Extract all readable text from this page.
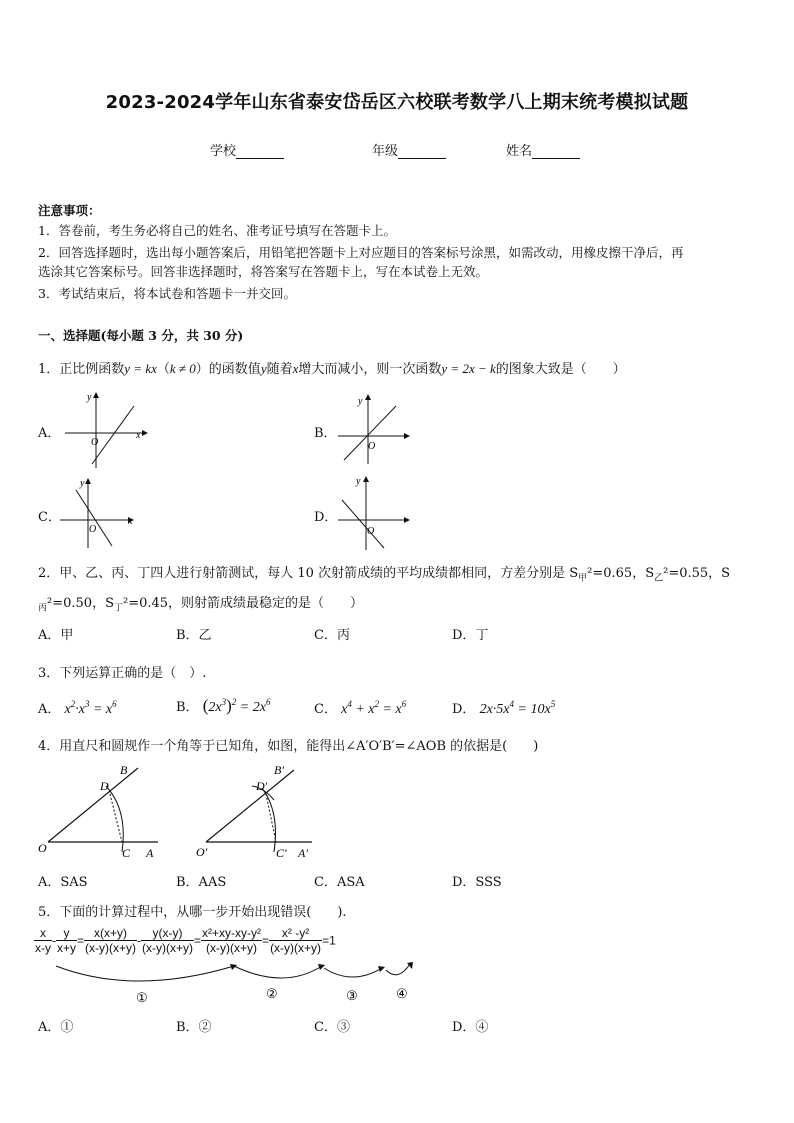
2023-2024学年山东省泰安岱岳区六校联考数学八上期末统考模拟试题
学校	年级	姓名
注意事项：
1．答卷前，考生务必将自己的姓名、准考证号填写在答题卡上。
2．回答选择题时，选出每小题答案后，用铅笔把答题卡上对应题目的答案标号涂黑，如需改动，用橡皮擦干净后，再
选涂其它答案标号。回答非选择题时，将答案写在答题卡上，写在本试卷上无效。
3．考试结束后，将本试卷和答题卡一并交回。
一、选择题(每小题 3 分，共 30 分)
1．正比例函数y = kx（k ≠ 0）的函数值y随着x增大而减小，则一次函数y = 2x − k的图象大致是（　　）
A．
y
x
O
B．
y
O
C．
y
x
O
D．
y
O
2．甲、乙、丙、丁四人进行射箭测试，每人 10 次射箭成绩的平均成绩都相同，方差分别是 $S_甲^2=0.65$，$S_乙^2=0.55$，S
$_丙$²=0.50，$S_丁^2=0.45$，则射箭成绩最稳定的是（　　）
A．甲	B．乙	C．丙	D．丁
3．下列运算正确的是（　）.
A． $x^2\cdot x^3 = x^6$	B． $(2x^3)^2 = 2x^6$	C． $x^4 + x^2 = x^6$	D． $2x\cdot 5x^4 = 10x^5$
4．用直尺和圆规作一个角等于已知角，如图，能得出∠A′O′B′=∠AOB 的依据是(　　)
B
D
O	C A
B′
D′
O′	C′ A′
A．SAS	B．AAS	C．ASA	D．SSS
5．下面的计算过程中，从哪一步开始出现错误(　　).
$\frac{x}{x-y} - \frac{y}{x+y} = \frac{x(x+y)}{(x-y)(x+y)} - \frac{y(x-y)}{(x-y)(x+y)} = \frac{\text{x²+xy-xy-y²}}{(x-y)(x+y)} = \frac{\text{x² -y²}}{(x-y)(x+y)} =1$
①	②	③	④
A．①	B．②	C．③	D．④
